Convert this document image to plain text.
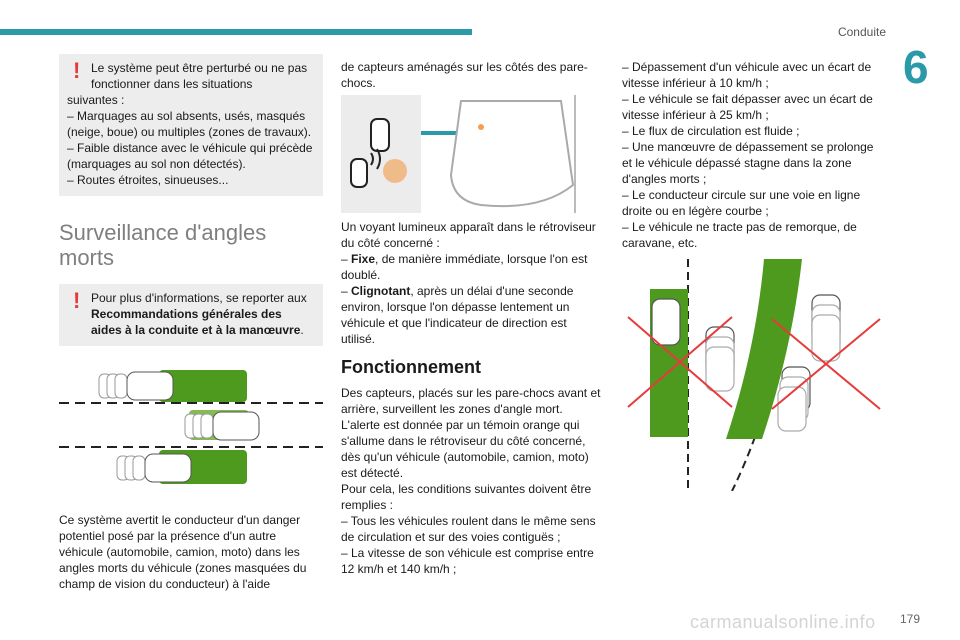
Conduite
6
! Le système peut être perturbé ou ne pas fonctionner dans les situations

suivantes :

– Marquages au sol absents, usés, masqués (neige, boue) ou multiples (zones de travaux).

– Faible distance avec le véhicule qui précède (marquages au sol non détectés).

– Routes étroites, sinueuses...

Surveillance d'angles morts
! Pour plus d'informations, se reporter aux Recommandations générales des aides à la conduite et à la manœuvre.

Ce système avertit le conducteur d'un danger potentiel posé par la présence d'un autre véhicule (automobile, camion, moto) dans les angles morts du véhicule (zones masquées du champ de vision du conducteur) à l'aide

de capteurs aménagés sur les côtés des pare-chocs.

Un voyant lumineux apparaît dans le rétroviseur du côté concerné :

– Fixe, de manière immédiate, lorsque l'on est doublé.

– Clignotant, après un délai d'une seconde environ, lorsque l'on dépasse lentement un véhicule et que l'indicateur de direction est utilisé.

Fonctionnement

Des capteurs, placés sur les pare-chocs avant et arrière, surveillent les zones d'angle mort.

L'alerte est donnée par un témoin orange qui s'allume dans le rétroviseur du côté concerné, dès qu'un véhicule (automobile, camion, moto) est détecté.

Pour cela, les conditions suivantes doivent être remplies :

– Tous les véhicules roulent dans le même sens de circulation et sur des voies contiguës ;

– La vitesse de son véhicule est comprise entre 12 km/h et 140 km/h ;

– Dépassement d'un véhicule avec un écart de vitesse inférieur à 10 km/h ;

– Le véhicule se fait dépasser avec un écart de vitesse inférieur à 25 km/h ;

– Le flux de circulation est fluide ;

– Une manœuvre de dépassement se prolonge et le véhicule dépassé stagne dans la zone d'angles morts ;

– Le conducteur circule sur une voie en ligne droite ou en légère courbe ;

– Le véhicule ne tracte pas de remorque, de caravane, etc.

carmanualsonline.info 179
